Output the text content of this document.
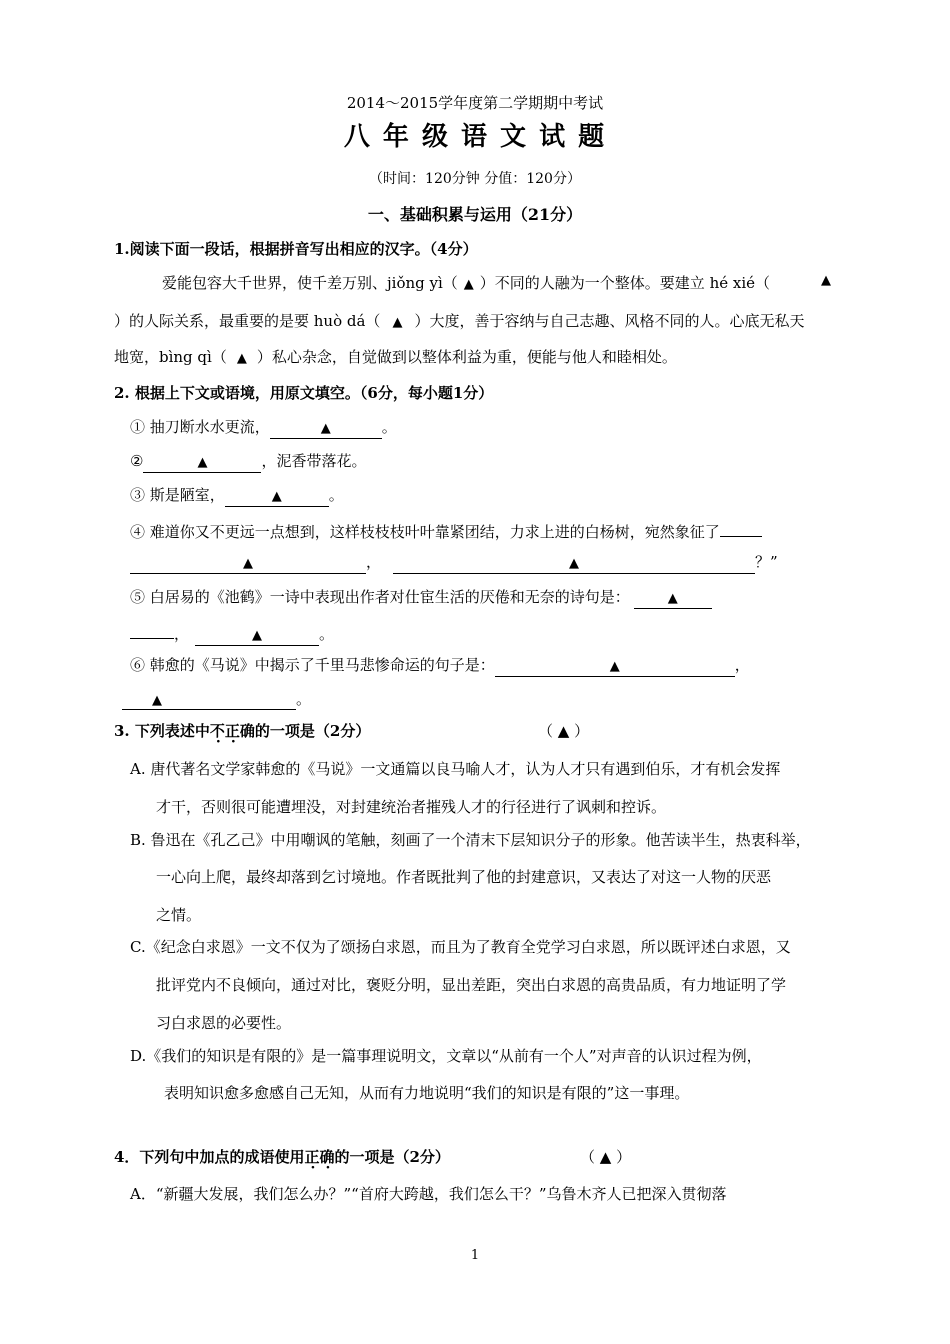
2014～2015学年度第二学期期中考试
八 年 级 语 文 试 题
（时间：120分钟 分值：120分）
一、基础积累与运用（21分）
1.阅读下面一段话，根据拼音写出相应的汉字。（4分）
爱能包容大千世界，使千差万别、jiǒng yì（ ▲ ）不同的人融为一个整体。要建立 hé xié（	▲
）的人际关系，最重要的是要 huò dá（ ▲ ）大度，善于容纳与自己志趣、风格不同的人。心底无私天
地宽，bìng qì（ ▲ ）私心杂念，自觉做到以整体利益为重，便能与他人和睦相处。
2. 根据上下文或语境，用原文填空。（6分，每小题1分）
① 抽刀断水水更流，	▲	。
②	▲	，泥香带落花。
③ 斯是陋室，	▲	。
④ 难道你又不更远一点想到，这样枝枝枝叶叶靠紧团结，力求上进的白杨树，宛然象征了
▲	，	▲	？”
⑤ 白居易的《池鹤》一诗中表现出作者对仕宦生活的厌倦和无奈的诗句是：	▲
，	▲	。
⑥ 韩愈的《马说》中揭示了千里马悲惨命运的句子是：	▲	，
▲	。
3. 下列表述中不正确的一项是（2分）	（ ▲ ）
A. 唐代著名文学家韩愈的《马说》一文通篇以良马喻人才，认为人才只有遇到伯乐，才有机会发挥
才干，否则很可能遭埋没，对封建统治者摧残人才的行径进行了讽刺和控诉。
B. 鲁迅在《孔乙己》中用嘲讽的笔触，刻画了一个清末下层知识分子的形象。他苦读半生，热衷科举，
一心向上爬，最终却落到乞讨境地。作者既批判了他的封建意识，又表达了对这一人物的厌恶
之情。
C.《纪念白求恩》一文不仅为了颂扬白求恩，而且为了教育全党学习白求恩，所以既评述白求恩，又
批评党内不良倾向，通过对比，褒贬分明，显出差距，突出白求恩的高贵品质，有力地证明了学
习白求恩的必要性。
D.《我们的知识是有限的》是一篇事理说明文，文章以“从前有一个人”对声音的认识过程为例，
表明知识愈多愈感自己无知，从而有力地说明“我们的知识是有限的”这一事理。
4．下列句中加点的成语使用正确的一项是（2分）	（ ▲ ）
A．“新疆大发展，我们怎么办？”“首府大跨越，我们怎么干？”乌鲁木齐人已把深入贯彻落
1
